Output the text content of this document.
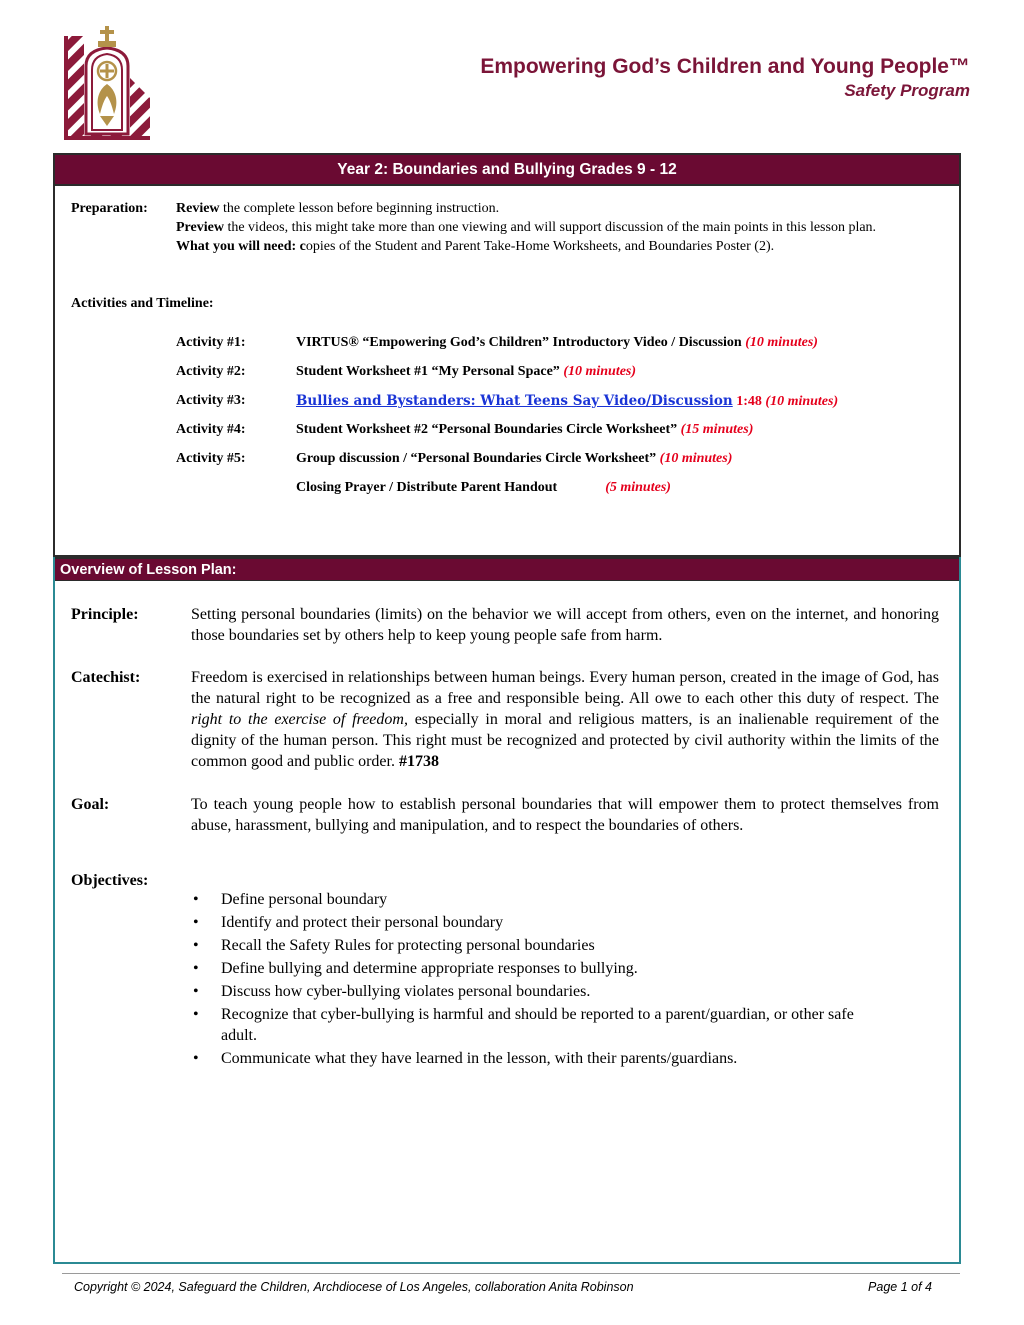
Empowering God’s Children and Young People™
Safety Program
Year 2: Boundaries and Bullying Grades 9 - 12
Preparation: Review the complete lesson before beginning instruction.
Preview the videos, this might take more than one viewing and will support discussion of the main points in this lesson plan.
What you will need: copies of the Student and Parent Take-Home Worksheets, and Boundaries Poster (2).
Activities and Timeline:
Activity #1:	VIRTUS® “Empowering God’s Children” Introductory Video / Discussion (10 minutes)
Activity #2:	Student Worksheet #1 “My Personal Space” (10 minutes)
Activity #3:	Bullies and Bystanders: What Teens Say Video/Discussion 1:48 (10 minutes)
Activity #4:	Student Worksheet #2 “Personal Boundaries Circle Worksheet” (15 minutes)
Activity #5:	Group discussion / “Personal Boundaries Circle Worksheet” (10 minutes)
Closing Prayer / Distribute Parent Handout	(5 minutes)
Overview of Lesson Plan:
Principle:	Setting personal boundaries (limits) on the behavior we will accept from others, even on the internet, and honoring those boundaries set by others help to keep young people safe from harm.
Catechist:	Freedom is exercised in relationships between human beings. Every human person, created in the image of God, has the natural right to be recognized as a free and responsible being. All owe to each other this duty of respect. The right to the exercise of freedom, especially in moral and religious matters, is an inalienable requirement of the dignity of the human person. This right must be recognized and protected by civil authority within the limits of the common good and public order. #1738
Goal:	To teach young people how to establish personal boundaries that will empower them to protect themselves from abuse, harassment, bullying and manipulation, and to respect the boundaries of others.
Objectives:
• Define personal boundary
• Identify and protect their personal boundary
• Recall the Safety Rules for protecting personal boundaries
• Define bullying and determine appropriate responses to bullying.
• Discuss how cyber-bullying violates personal boundaries.
• Recognize that cyber-bullying is harmful and should be reported to a parent/guardian, or other safe adult.
• Communicate what they have learned in the lesson, with their parents/guardians.
Copyright © 2024, Safeguard the Children, Archdiocese of Los Angeles, collaboration Anita Robinson	Page 1 of 4
